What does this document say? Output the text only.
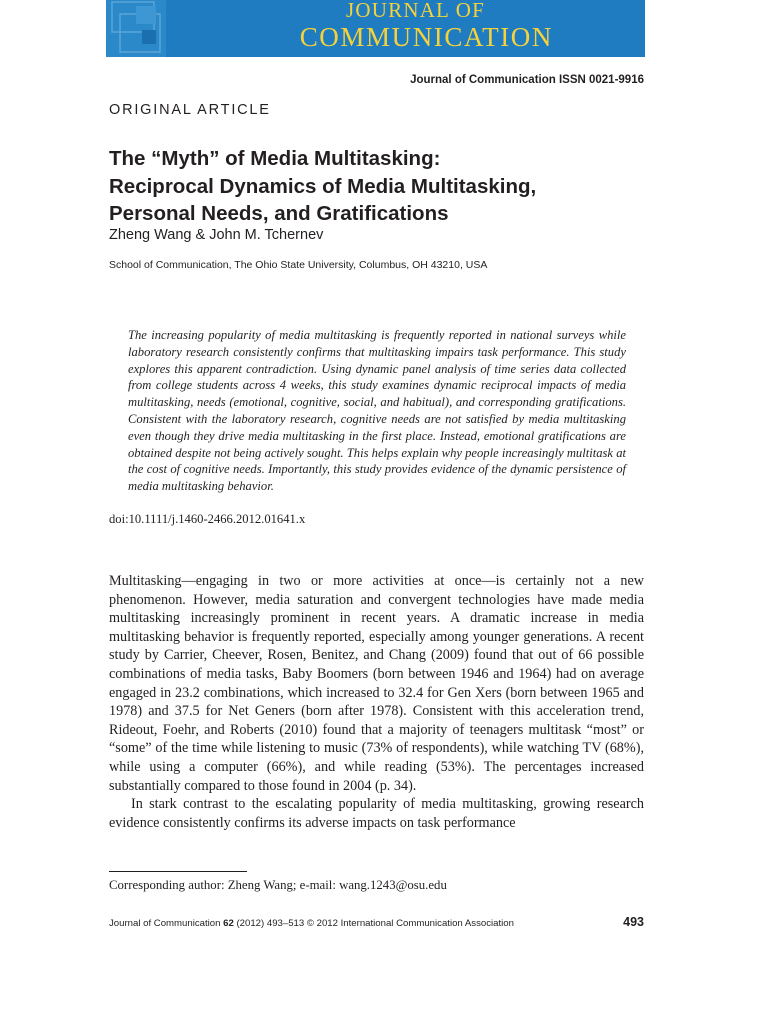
JOURNAL OF
COMMUNICATION
Journal of Communication ISSN 0021-9916
ORIGINAL ARTICLE
The “Myth” of Media Multitasking:
Reciprocal Dynamics of Media Multitasking,
Personal Needs, and Gratifications
Zheng Wang & John M. Tchernev
School of Communication, The Ohio State University, Columbus, OH 43210, USA

The increasing popularity of media multitasking is frequently reported in national surveys while laboratory research consistently confirms that multitasking impairs task performance. This study explores this apparent contradiction. Using dynamic panel analysis of time series data collected from college students across 4 weeks, this study examines dynamic reciprocal impacts of media multitasking, needs (emotional, cognitive, social, and habitual), and corresponding gratifications. Consistent with the laboratory research, cognitive needs are not satisfied by media multitasking even though they drive media multitasking in the first place. Instead, emotional gratifications are obtained despite not being actively sought. This helps explain why people increasingly multitask at the cost of cognitive needs. Importantly, this study provides evidence of the dynamic persistence of media multitasking behavior.

doi:10.1111/j.1460-2466.2012.01641.x

Multitasking—engaging in two or more activities at once—is certainly not a new phenomenon. However, media saturation and convergent technologies have made media multitasking increasingly prominent in recent years. A dramatic increase in media multitasking behavior is frequently reported, especially among younger generations. A recent study by Carrier, Cheever, Rosen, Benitez, and Chang (2009) found that out of 66 possible combinations of media tasks, Baby Boomers (born between 1946 and 1964) had on average engaged in 23.2 combinations, which increased to 32.4 for Gen Xers (born between 1965 and 1978) and 37.5 for Net Geners (born after 1978). Consistent with this acceleration trend, Rideout, Foehr, and Roberts (2010) found that a majority of teenagers multitask “most” or “some” of the time while listening to music (73% of respondents), while watching TV (68%), while using a computer (66%), and while reading (53%). The percentages increased substantially compared to those found in 2004 (p. 34).

In stark contrast to the escalating popularity of media multitasking, growing research evidence consistently confirms its adverse impacts on task performance

Corresponding author: Zheng Wang; e-mail: wang.1243@osu.edu
Journal of Communication 62 (2012) 493–513 © 2012 International Communication Association	493
